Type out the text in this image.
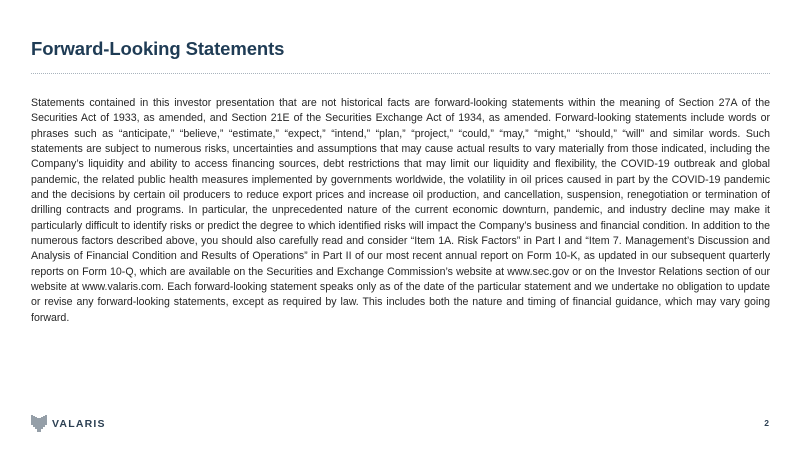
Forward-Looking Statements

Statements contained in this investor presentation that are not historical facts are forward-looking statements within the meaning of Section 27A of the Securities Act of 1933, as amended, and Section 21E of the Securities Exchange Act of 1934, as amended. Forward-looking statements include words or phrases such as “anticipate,” “believe,” “estimate,” “expect,” “intend,” “plan,” “project,” “could,” “may,” “might,” “should,” “will” and similar words. Such statements are subject to numerous risks, uncertainties and assumptions that may cause actual results to vary materially from those indicated, including the Company’s liquidity and ability to access financing sources, debt restrictions that may limit our liquidity and flexibility, the COVID-19 outbreak and global pandemic, the related public health measures implemented by governments worldwide, the volatility in oil prices caused in part by the COVID-19 pandemic and the decisions by certain oil producers to reduce export prices and increase oil production, and cancellation, suspension, renegotiation or termination of drilling contracts and programs. In particular, the unprecedented nature of the current economic downturn, pandemic, and industry decline may make it particularly difficult to identify risks or predict the degree to which identified risks will impact the Company’s business and financial condition. In addition to the numerous factors described above, you should also carefully read and consider “Item 1A. Risk Factors” in Part I and “Item 7. Management’s Discussion and Analysis of Financial Condition and Results of Operations” in Part II of our most recent annual report on Form 10-K, as updated in our subsequent quarterly reports on Form 10-Q, which are available on the Securities and Exchange Commission’s website at www.sec.gov or on the Investor Relations section of our website at www.valaris.com. Each forward-looking statement speaks only as of the date of the particular statement and we undertake no obligation to update or revise any forward-looking statements, except as required by law. This includes both the nature and timing of financial guidance, which may vary going forward.

VALARIS	2
